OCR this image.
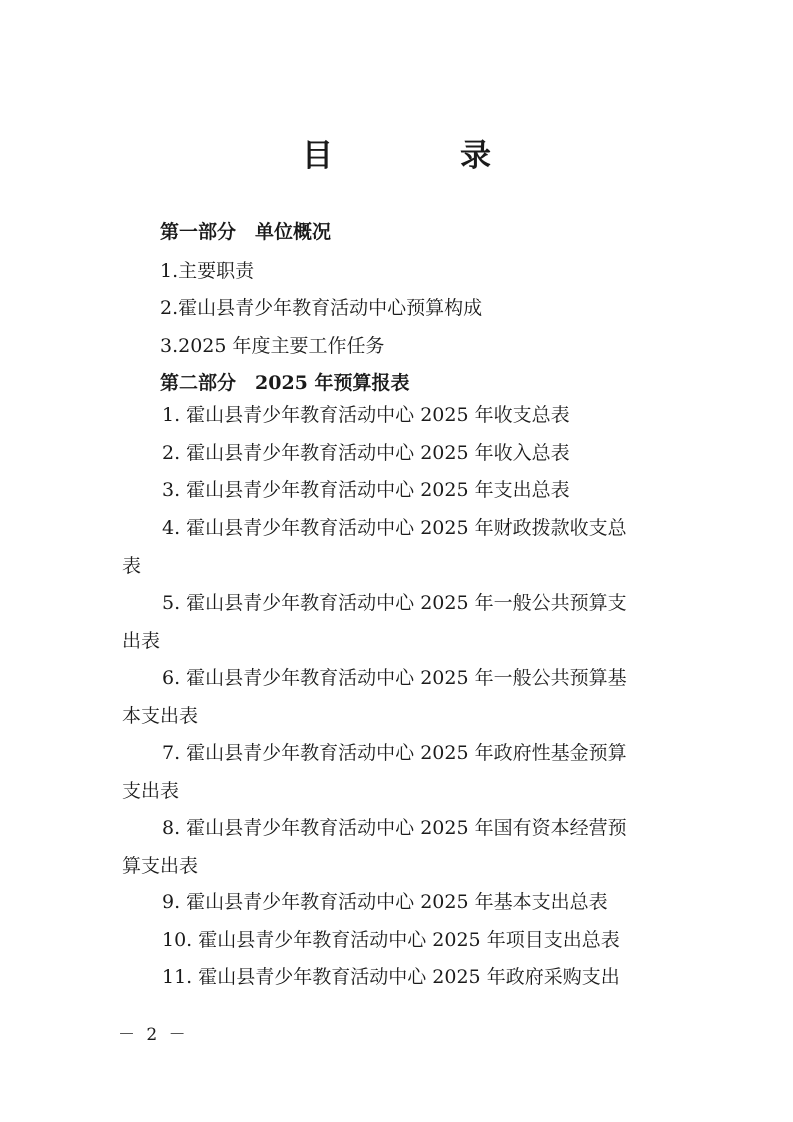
目　录
第一部分　单位概况
1.主要职责
2.霍山县青少年教育活动中心预算构成
3.2025 年度主要工作任务
第二部分　2025 年预算报表
1. 霍山县青少年教育活动中心 2025 年收支总表
2. 霍山县青少年教育活动中心 2025 年收入总表
3. 霍山县青少年教育活动中心 2025 年支出总表
4. 霍山县青少年教育活动中心 2025 年财政拨款收支总
表
5. 霍山县青少年教育活动中心 2025 年一般公共预算支
出表
6. 霍山县青少年教育活动中心 2025 年一般公共预算基
本支出表
7. 霍山县青少年教育活动中心 2025 年政府性基金预算
支出表
8. 霍山县青少年教育活动中心 2025 年国有资本经营预
算支出表
9. 霍山县青少年教育活动中心 2025 年基本支出总表
10. 霍山县青少年教育活动中心 2025 年项目支出总表
11. 霍山县青少年教育活动中心 2025 年政府采购支出
－ 2 －
